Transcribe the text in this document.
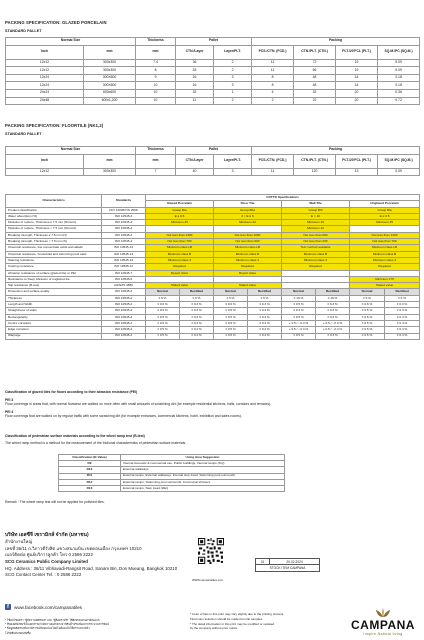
PACKING SPECIFICATION: GLAZED PORCELAIN
STANDARD PALLET
Normal Size		Thickness	Pallet		Packing			
Inch	mm	mm	CTN./Layer	Layer/PLT.	PCS./CTN. (FCD.)	CTN./PLT. (CTN.)	PLT./20'FCL (PLT.)	SQ.M./PC (SQ.M.)
12x12	300x300	7.4	36	2	11	72	19	0.09
12x12	300x300	8	33	2	11	66	19	0.09
12x24	300X600	9	16	3	8	48	14	0.18
12x24	300X600	10	16	3	8	48	14	0.18
24x24	600x600	10	32	1	4	32	20	0.36
24x48	600x1,200	10	11	2	2	22	20	0.72
PACKING SPECIFICATION: FLOORTILE (NK1,2)
STANDARD PALLET
Normal Size		Thickness	Pallet		Packing			
Inch	mm	mm	CTN./Layer	Layer/PLT.	PCS./CTN. (FCD.)	CTN./PLT. (CTN.)	PLT./20'FCL (PLT.)	SQ.M./PC (SQ.M.)
12x12	300x300	7	40	3	11	120	13	0.09
Characteristics	Standards	COTTO Specifications							
		Glazed Porcelain		Floor Tile		Wall Tile		Unglazed Porcelain	
Product classification	ISO 13006/TIS 2508	Group BIa		Group BIIa		Group BIII		Group BIa	
Water absorption (%)	ISO 10545-3	E ≤ 0.5		3 < E ≤ 6		E > 10		E ≤ 0.5	
Modulus of rupture, Thickness ≥ 7.5 mm (N/mm2)	ISO 10545-4	Minimum 35		Minimum 22		Minimum 15		Minimum 35	
Modulus of rupture, Thickness < 7.5 mm (N/mm2)	ISO 10545-4					Minimum 12			
Breaking strength, Thickness ≥ 7.5 mm (N)	ISO 10545-4	Not less than 1300		Not less than 1000		Not less than 600		Not less than 1300	
Breaking strength, Thickness < 7.5 mm (N)	ISO 10545-4	Not less than 700		Not less than 600		Not less than 200		Not less than 700	
Chemical resistance, low concentrate acids and alkalis	ISO 10545-13	Minimum class LB		Minimum class LB		Test method available		Minimum class LB	
Chemical resistance, household and swimming pool salts	ISO 10545-13	Minimum class B		Minimum class B		Minimum class B		Minimum class B	
Staining resistance	ISO 10545-14	Minimum class 3		Minimum class 3		Minimum class 3		Minimum class 3	
Crazing resistance	ISO 10545-11	Required		Required		Required		Required	
Abrasion resistance of surface (glazed tile) or PEI	ISO 10545-7	Report class		Report class					
Resistance to Deep Abrasion of unglazed tile	ISO 10545-6							Minimum 175	
Slip resistance (R-test)	AS/NZS 4586	Stated value		Stated value				Stated value	
Dimension and surface quality	ISO 10545-2	Normal	Rectified	Normal	Rectified	Normal	Rectified	Normal	Rectified
Thickness	ISO 10545-2	± 5 %	± 5 %	± 5 %	± 5 %	± 10 %	± 10 %	± 5 %	± 5 %
Length and Width	ISO 10545-2	± 0.6 %	± 0.3 %	± 0.6 %	± 0.3 %	± 0.5 %	± 0.3 %	± 0.6 %	± 0.3 %
Straightness of sides	ISO 10545-2	± 0.5 %	± 0.3 %	± 0.5 %	± 0.3 %	± 0.3 %	± 0.3 %	± 0.5 %	± 0.3 %
Rectangularity	ISO 10545-2	± 0.5 %	± 0.3 %	± 0.5 %	± 0.3 %	± 0.5 %	± 0.3 %	± 0.5 %	± 0.3 %
Centre curvature	ISO 10545-2	± 0.5 %	± 0.4 %	± 0.5 %	± 0.4 %	+ 0.5 / - 0.3 %	+ 0.5 / - 0.3 %	± 0.5 %	± 0.4 %
Edge curvature	ISO 10545-2	± 0.5 %	± 0.4 %	± 0.5 %	± 0.4 %	+ 0.5 / - 0.3 %	+ 0.5 / - 0.3 %	± 0.5 %	± 0.4 %
Warpage	ISO 10545-2	± 0.5 %	± 0.4 %	± 0.5 %	± 0.4 %	± 0.5 %	± 0.3 %	± 0.5 %	± 0.4 %
Classification of glazed tiles for floors according to their abrasion resistance (PEI)
PEI 3
Floor coverings in areas that, with normal footwear are walked on more often with small amounts of scratching dirt (for example residential kitchens, halls, corridors and terraces).
PEI 4
Floor coverings that are walked on by regular traffic with some scratching dirt (for example entrances, commercial kitchens, hotel, exhibition and sales rooms).
Classification of pedestrian surface materials according to the wheel ramp test (R-test)
The wheel ramp method is a method for the measurement of the frictional characteristics of pedestrian surface materials.
Classification (R-Value)	Using Area Suggestion
R9	Internal domestic & commercial use, Public buildings, Internal ramps (Dry)
R10	External walkways
R11	External ramps, External walkways, Internal step tread, Swimming pool surrounds
R12	External ramps, Swimming pool surrounds, Communal showers
R13	External ramps, Step tread (Wet)
Remark : The wheel ramp test will not be applied for polished tiles.
บริษัท เอสซีจี เซรามิกส์ จำกัด (มหาชน)
สำนักงานใหญ่
เลขที่ 36/11 ถ.วิภาวดีรังสิต แขวงสนามบิน เขตดอนเมือง กรุงเทพฯ 10210
เบอร์ติดต่อ ศูนย์บริการลูกค้า โทร 0 2586 2222
SCG Ceramics Public Company Limited
HQ. Address : 36/11 Vibhavadi-Rangsit Road, Sanam Bin, Don Mueang, Bangkok 10210
SCG Contact Center Tel. : 0 2586 2222
WWW.campanatiles.com
01	20-02-2024
STOCK ITEM CAMPANA
f	www.facebook.com/campanatiles
* ใช้คลไซยตรา "ผู้มีความมีสลิกเด๋" และ "ผู้ถือคราห์ช" ใช้ผิกดับเพกนต่าอีหองแก
* สีของผลิตภัณฑ์ในเอกสารอาจมีความแตกต่างจากสินค้าจริงเนื่องจากกระบวนการพิมพ์
* ข้อมูลผลิตภัณฑ์อาจมีการเปลี่ยนแปลงโดยไม่ต้องแจ้งให้ทราบล่วงหน้า
โปรดยืนยันก่อนสั่งซื้อ
* Color of tiles in this print may vary slightly due to the printing process.
Final color selection should be made from tile samples.
* The detail information in this print may be modified or updated
by the company without prior notice.	CAMPANA
Inspire Natural living
